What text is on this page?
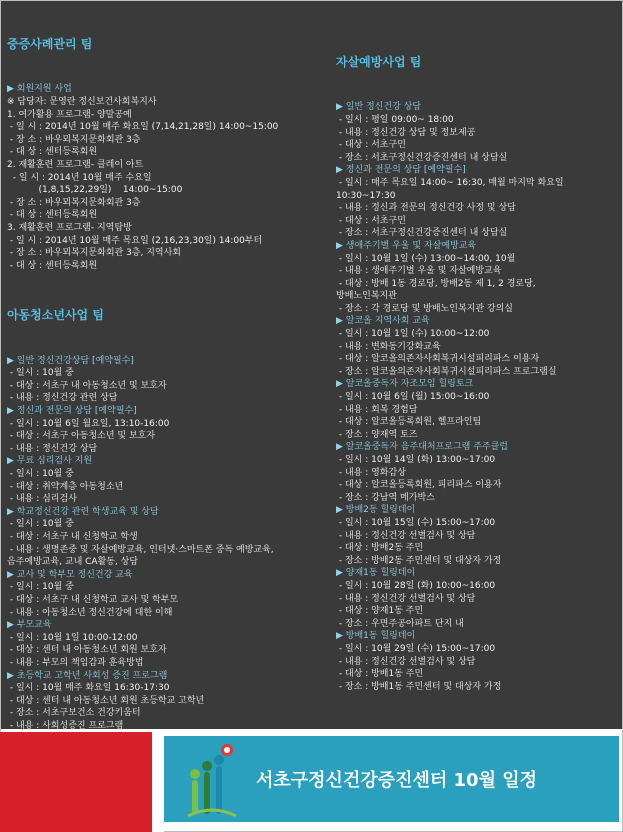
중증사례관리 팀

▶ 회원지원 사업
※ 담당자: 문영란 정신보건사회복지사
1. 여가활용 프로그램- 양말공예
- 일 시 : 2014년 10월 매주 화요일 (7,14,21,28일) 14:00~15:00
- 장 소 : 바우뫼복지문화회관 3층
- 대 상 : 센터등록회원
2. 재활훈련 프로그램- 클레이 아트
- 일 시 : 2014년 10월 매주 수요일
(1,8,15,22,29일)    14:00~15:00
- 장 소 : 바우뫼복지문화회관 3층
- 대 상 : 센터등록회원
3. 재활훈련 프로그램- 지역탐방
- 일 시 : 2014년 10월 매주 목요일 (2,16,23,30일) 14:00부터
- 장 소 : 바우뫼복지문화회관 3층, 지역사회
- 대 상 : 센터등록회원

아동청소년사업 팀

▶ 일반 정신건강상담 [예약필수]
- 일시 : 10월 중
- 대상 : 서초구 내 아동청소년 및 보호자
- 내용 : 정신건강 관련 상담
▶ 정신과 전문의 상담 [예약필수]
- 일시 : 10월 6일 월요일, 13:10-16:00
- 대상 : 서초구 아동청소년 및 보호자
- 내용 : 정신건강 상담
▶ 무료 심리검사 지원
- 일시 : 10월 중
- 대상 : 취약계층 아동청소년
- 내용 : 심리검사
▶ 학교정신건강 관련 학생교육 및 상담
- 일시 : 10월 중
- 대상 : 서초구 내 신청학교 학생
- 내용 : 생명존중 및 자살예방교육, 인터넷·스마트폰 중독 예방교육,
음주예방교육, 교내 CA활동, 상담
▶ 교사 및 학부모 정신건강 교육
- 일시 : 10월 중
- 대상 : 서초구 내 신청학교 교사 및 학부모
- 내용 : 아동청소년 정신건강에 대한 이해
▶ 부모교육
- 일시 : 10월 1일 10:00-12:00
- 대상 : 센터 내 아동청소년 회원 보호자
- 내용 : 부모의 책임감과 훈육방법
▶ 초등학교 고학년 사회성 증진 프로그램
- 일시 : 10월 매주 화요일 16:30-17:30
- 대상 : 센터 내 아동청소년 회원 초등학교 고학년
- 장소 : 서초구보건소 건강키움터
- 내용 : 사회성증진 프로그램

자살예방사업 팀

▶ 일반 정신건강 상담
- 일시 : 평일 09:00~ 18:00
- 내용 : 정신건강 상담 및 정보제공
- 대상 : 서초구민
- 장소 : 서초구정신건강증진센터 내 상담실
▶ 정신과 전문의 상담 [예약필수]
- 일시 : 매주 목요일 14:00~ 16:30, 매월 마지막 화요일
10:30~17:30
- 내용 : 정신과 전문의 정신건강 사정 및 상담
- 대상 : 서초구민
- 장소 : 서초구정신건강증진센터 내 상담실
▶ 생애주기별 우울 및 자살예방교육
- 일시 : 10월 1일 (수) 13:00~14:00, 10월
- 내용 : 생애주기별 우울 및 자살예방교육
- 대상 : 방배 1동 경로당, 방배2동 제 1, 2 경로당,
방배노인복지관
- 장소 : 각 경로당 및 방배노인복지관 강의실
▶ 알코올 지역사회 교육
- 일시 : 10월 1일 (수) 10:00~12:00
- 내용 : 변화동기강화교육
- 대상 : 알코올의존자사회복귀시설피리파스 이용자
- 장소 : 알코올의존자사회복귀시설피리파스 프로그램실
▶ 알코올중독자 자조모임 힐링토크
- 일시 : 10월 6일 (월) 15:00~16:00
- 내용 : 회복 경험담
- 대상 : 알코올등록회원, 헬프라인팀
- 장소 : 양재역 토즈
▶ 알코올중독자 음주대처프로그램 주주클럽
- 일시 : 10월 14일 (화) 13:00~17:00
- 내용 : 영화감상
- 대상 : 알코올등록회원, 피리파스 이용자
- 장소 : 강남역 메가박스
▶ 방배2동 힐링데이
- 일시 : 10월 15일 (수) 15:00~17:00
- 내용 : 정신건강 선별검사 및 상담
- 대상 : 방배2동 주민
- 장소 : 방배2동 주민센터 및 대상자 가정
▶ 양재1동 힐링데이
- 일시 : 10월 28일 (화) 10:00~16:00
- 내용 : 정신건강 선별검사 및 상담
- 대상 : 양재1동 주민
- 장소 : 우면주공아파트 단지 내
▶ 방배1동 힐링데이
- 일시 : 10월 29일 (수) 15:00~17:00
- 내용 : 정신건강 선별검사 및 상담
- 대상 : 방배1동 주민
- 장소 : 방배1동 주민센터 및 대상자 가정

서초구정신건강증진센터 10월 일정
